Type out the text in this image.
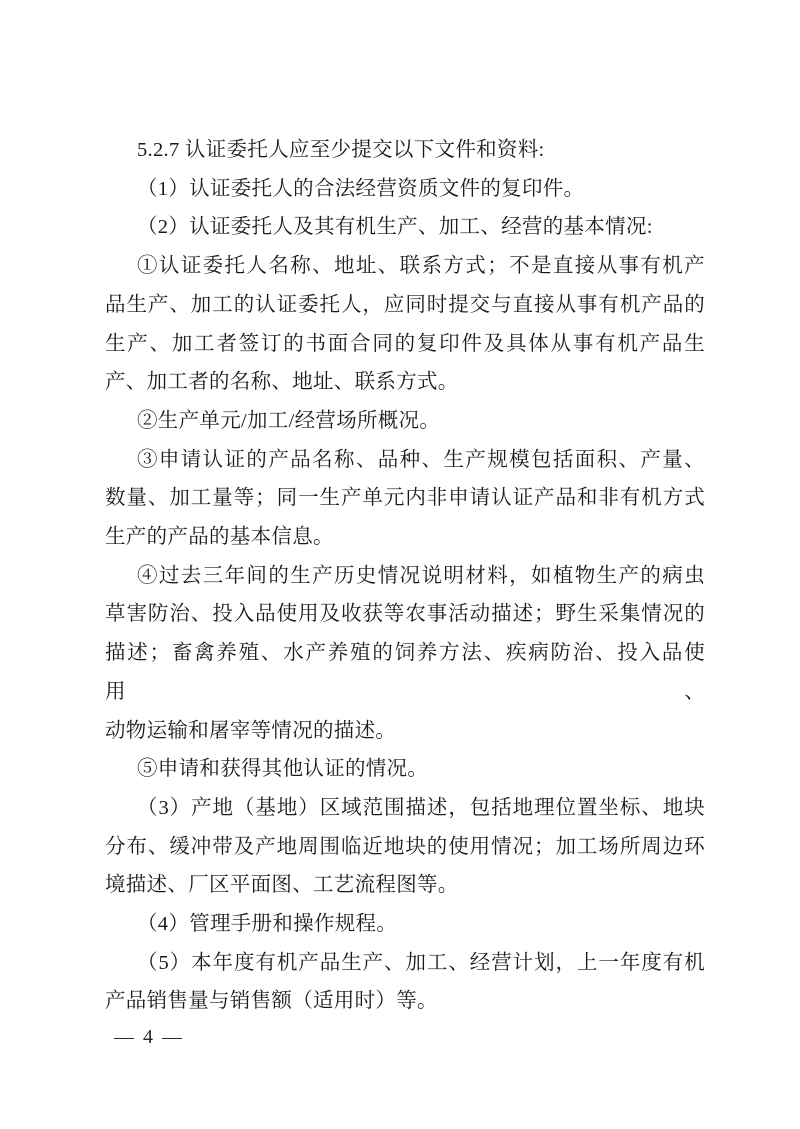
5.2.7 认证委托人应至少提交以下文件和资料:
（1）认证委托人的合法经营资质文件的复印件。
（2）认证委托人及其有机生产、加工、经营的基本情况:
①认证委托人名称、地址、联系方式；不是直接从事有机产
品生产、加工的认证委托人，应同时提交与直接从事有机产品的
生产、加工者签订的书面合同的复印件及具体从事有机产品生
产、加工者的名称、地址、联系方式。
②生产单元/加工/经营场所概况。
③申请认证的产品名称、品种、生产规模包括面积、产量、
数量、加工量等；同一生产单元内非申请认证产品和非有机方式
生产的产品的基本信息。
④过去三年间的生产历史情况说明材料，如植物生产的病虫
草害防治、投入品使用及收获等农事活动描述；野生采集情况的
描述；畜禽养殖、水产养殖的饲养方法、疾病防治、投入品使用、
动物运输和屠宰等情况的描述。
⑤申请和获得其他认证的情况。
（3）产地（基地）区域范围描述，包括地理位置坐标、地块
分布、缓冲带及产地周围临近地块的使用情况；加工场所周边环
境描述、厂区平面图、工艺流程图等。
（4）管理手册和操作规程。
（5）本年度有机产品生产、加工、经营计划，上一年度有机
产品销售量与销售额（适用时）等。
— 4 —
